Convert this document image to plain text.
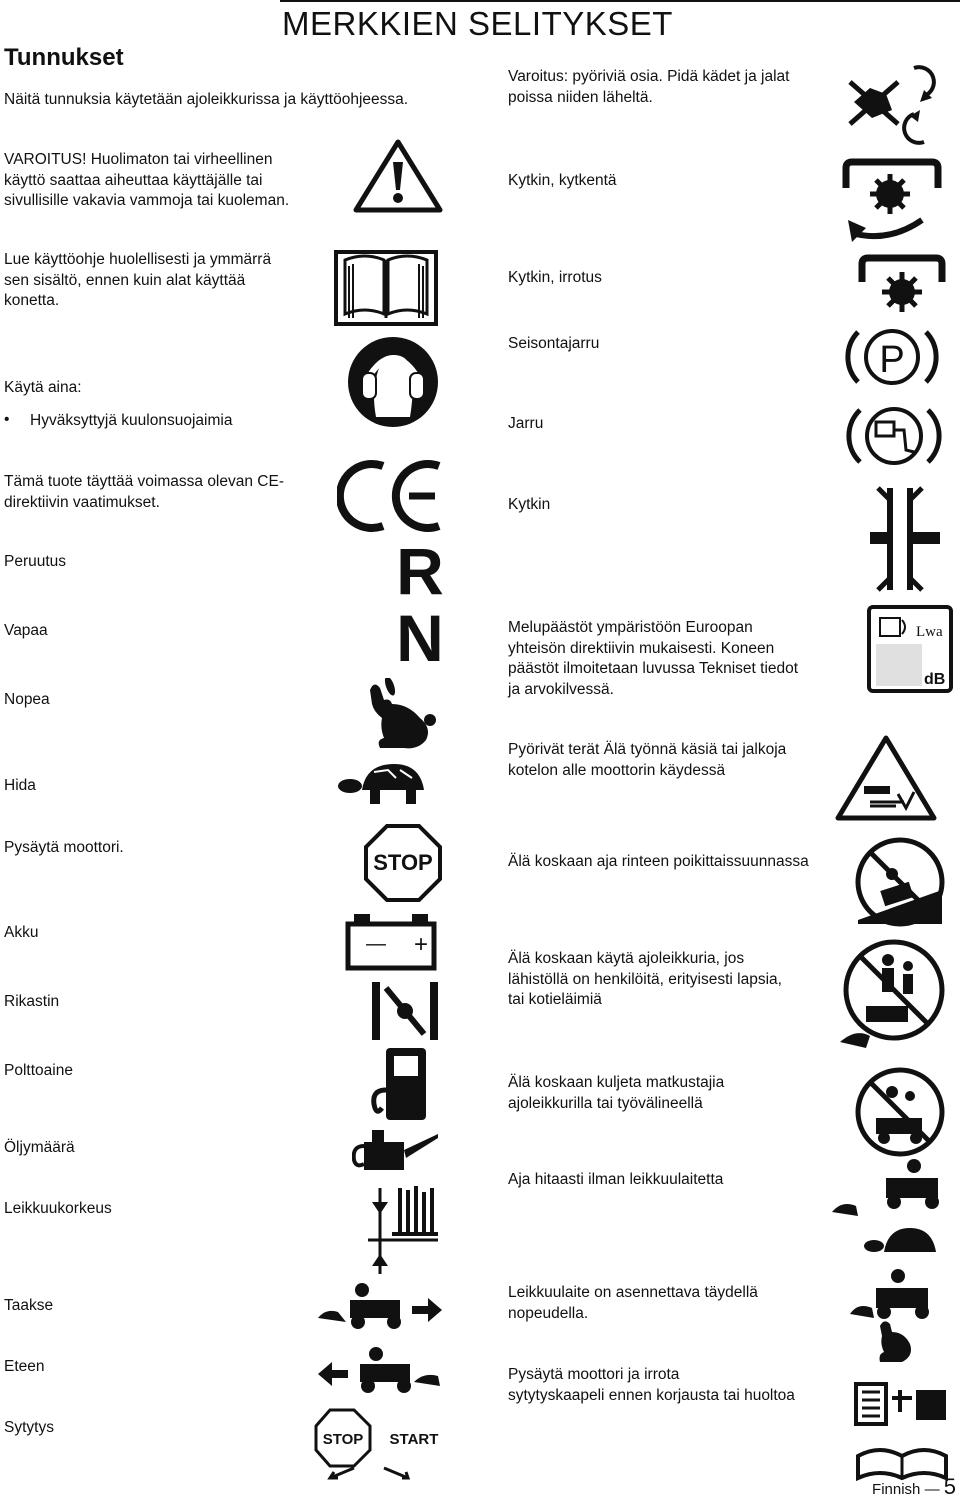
MERKKIEN SELITYKSET
Tunnukset
Näitä tunnuksia käytetään ajoleikkurissa ja käyttöohjeessa.
VAROITUS! Huolimaton tai virheellinen
käyttö saattaa aiheuttaa käyttäjälle tai
sivullisille vakavia vammoja tai kuoleman.
Lue käyttöohje huolellisesti ja ymmärrä
sen sisältö, ennen kuin alat käyttää
konetta.
Käytä aina:
• Hyväksyttyjä kuulonsuojaimia
Tämä tuote täyttää voimassa olevan CE-
direktiivin vaatimukset.
Peruutus
Vapaa
Nopea
Hida
Pysäytä moottori.
Akku
Rikastin
Polttoaine
Öljymäärä
Leikkuukorkeus
Taakse
Eteen
Sytytys
Varoitus: pyöriviä osia. Pidä kädet ja jalat
poissa niiden läheltä.
Kytkin, kytkentä
Kytkin, irrotus
Seisontajarru
Jarru
Kytkin
Melupäästöt ympäristöön Euroopan
yhteisön direktiivin mukaisesti. Koneen
päästöt ilmoitetaan luvussa Tekniset tiedot
ja arvokilvessä.
Pyörivät terät Älä työnnä käsiä tai jalkoja
kotelon alle moottorin käydessä
Älä koskaan aja rinteen poikittaissuunnassa
Älä koskaan käytä ajoleikkuria, jos
lähistöllä on henkilöitä, erityisesti lapsia,
tai kotieläimiä
Älä koskaan kuljeta matkustajia
ajoleikkurilla tai työvälineellä
Aja hitaasti ilman leikkuulaitetta
Leikkuulaite on asennettava täydellä
nopeudella.
Pysäytä moottori ja irrota
sytytyskaapeli ennen korjausta tai huoltoa
Finnish — 5
R
N
STOP
— +
STOP START
P
Lwa
dB
